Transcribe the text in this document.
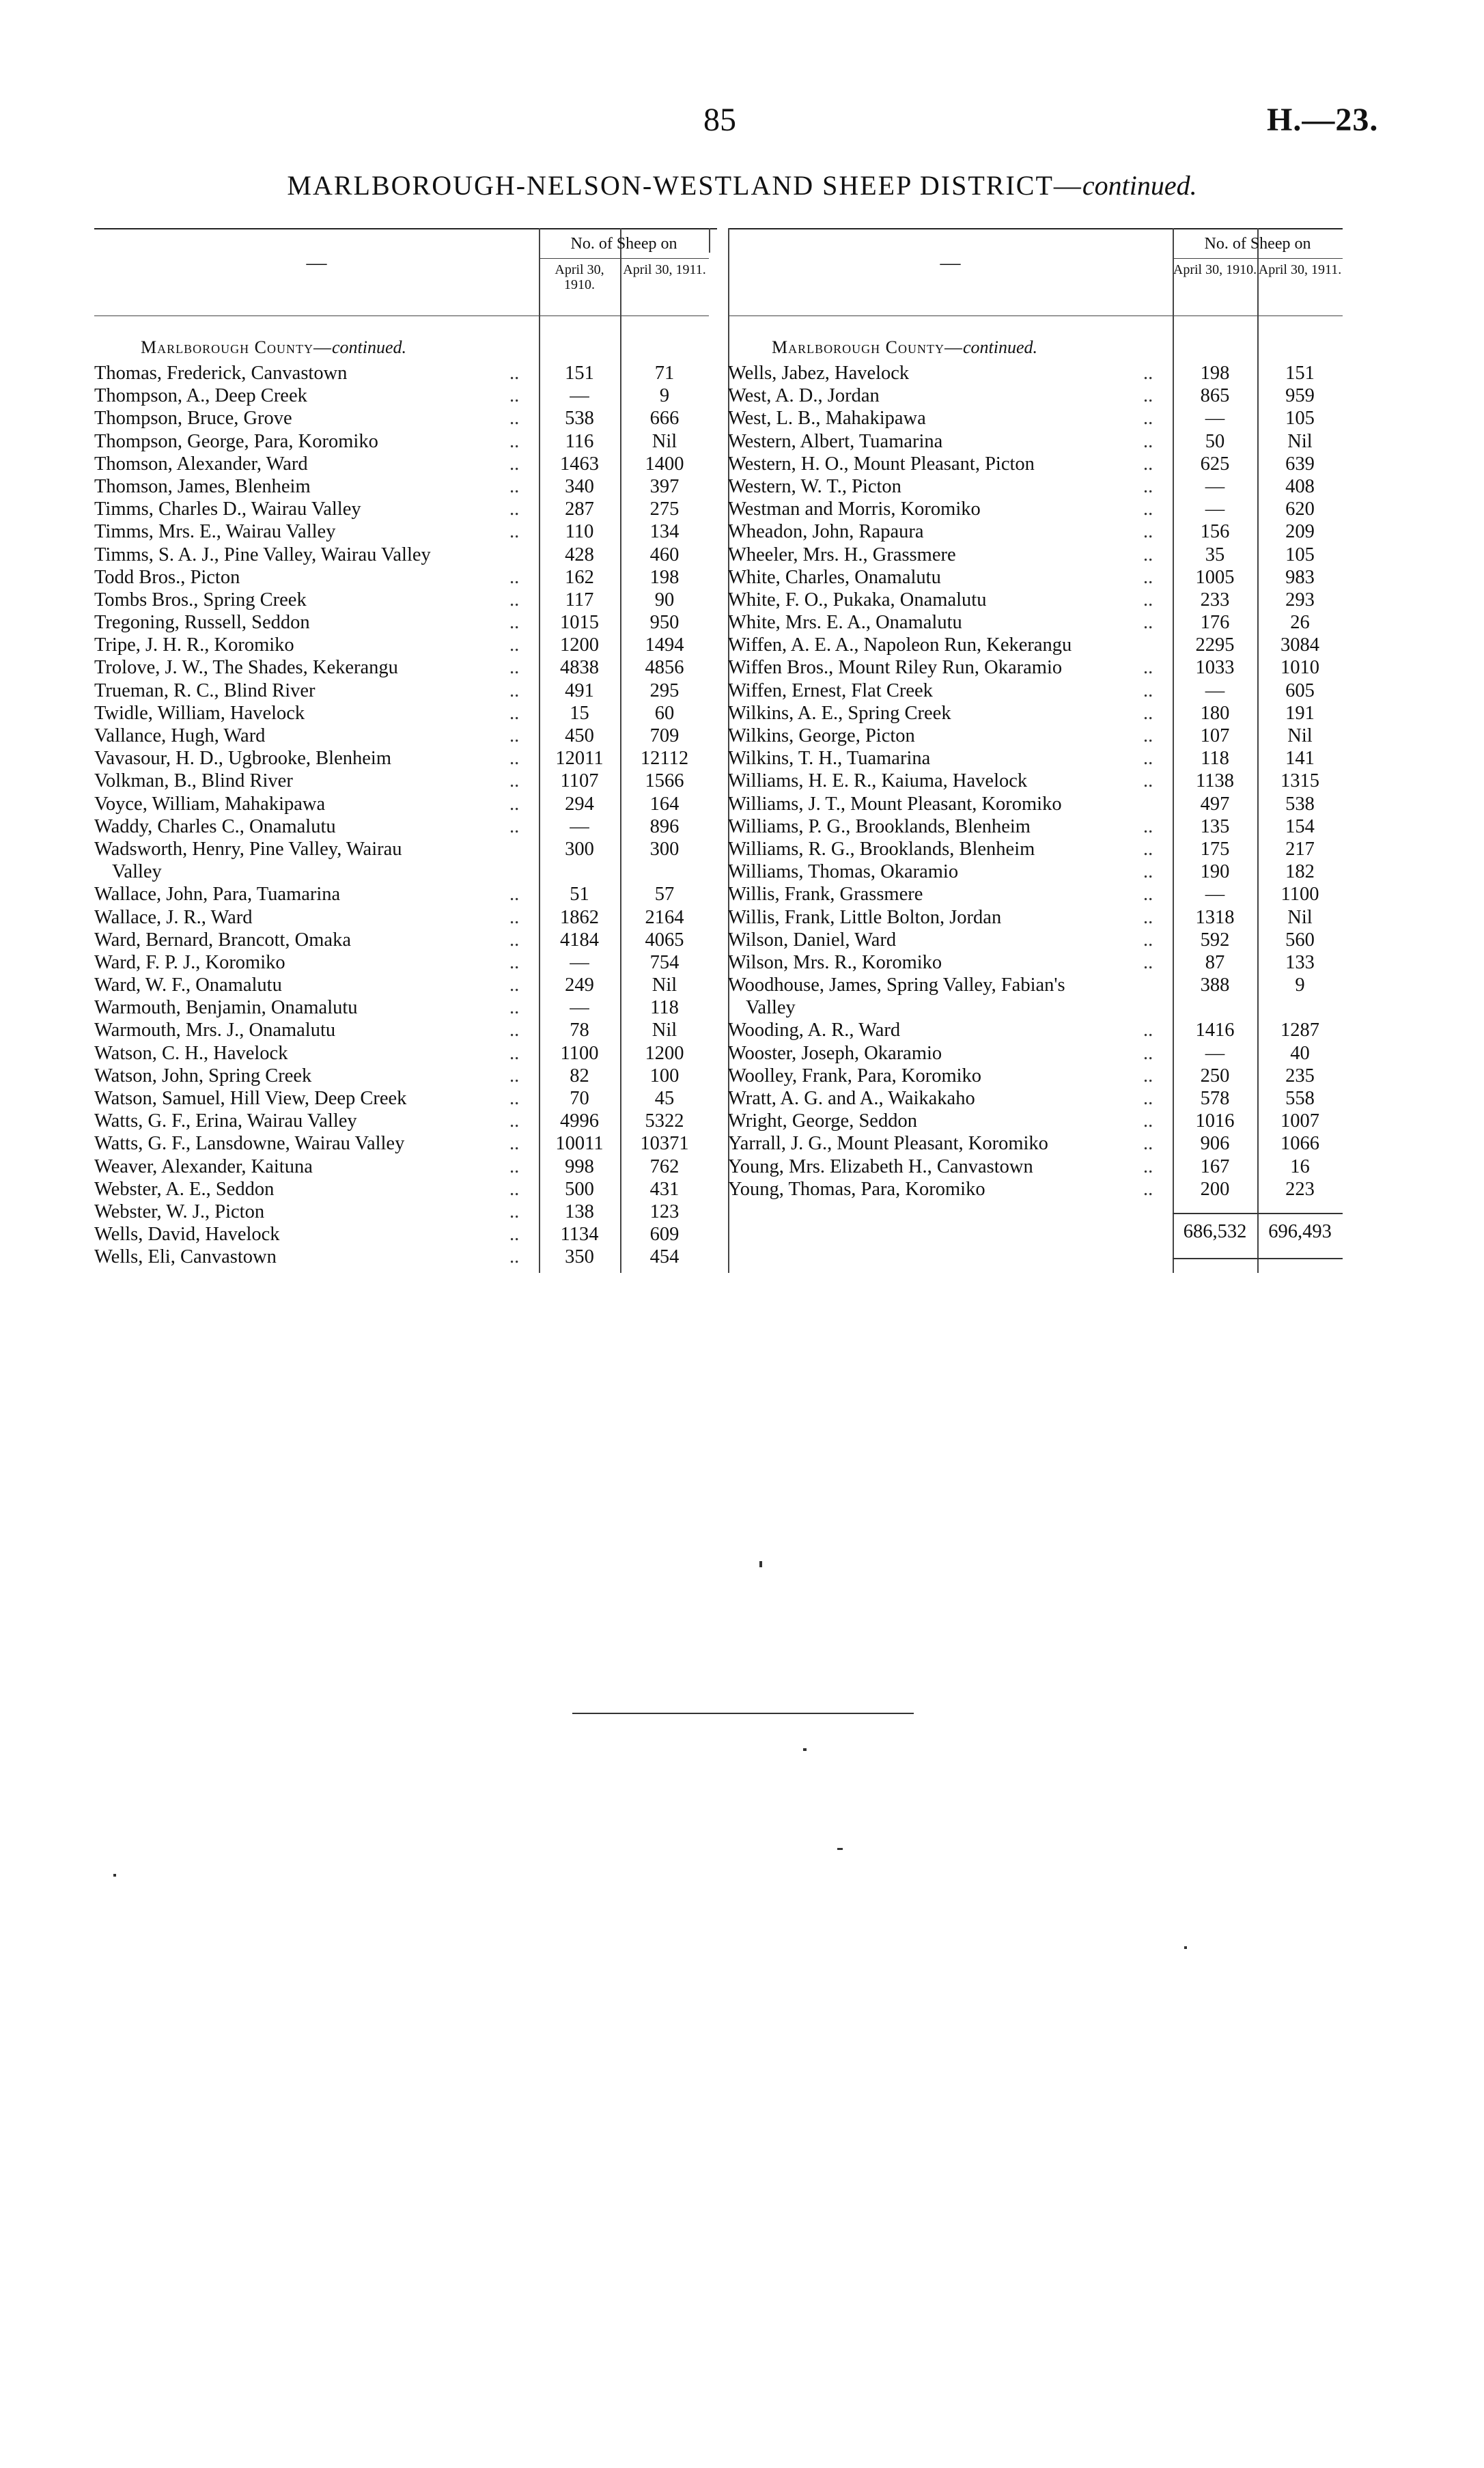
85	H.—23.
MARLBOROUGH-NELSON-WESTLAND SHEEP DISTRICT—continued.
—
No. of Sheep on
April 30, 1910.
April 30, 1911.
Marlborough County—continued.
Thomas, Frederick, Canvastown	..	151	71
Thompson, A., Deep Creek	..	—	9
Thompson, Bruce, Grove	..	538	666
Thompson, George, Para, Koromiko	..	116	Nil
Thomson, Alexander, Ward	..	1463	1400
Thomson, James, Blenheim	..	340	397
Timms, Charles D., Wairau Valley	..	287	275
Timms, Mrs. E., Wairau Valley	..	110	134
Timms, S. A. J., Pine Valley, Wairau Valley	428	460
Todd Bros., Picton	..	162	198
Tombs Bros., Spring Creek	..	117	90
Tregoning, Russell, Seddon	..	1015	950
Tripe, J. H. R., Koromiko	..	1200	1494
Trolove, J. W., The Shades, Kekerangu	..	4838	4856
Trueman, R. C., Blind River	..	491	295
Twidle, William, Havelock	..	15	60
Vallance, Hugh, Ward	..	450	709
Vavasour, H. D., Ugbrooke, Blenheim	..	12011	12112
Volkman, B., Blind River	..	1107	1566
Voyce, William, Mahakipawa	..	294	164
Waddy, Charles C., Onamalutu	..	—	896
Wadsworth, Henry, Pine Valley, Wairau
Valley
300	300
Wallace, John, Para, Tuamarina	..	51	57
Wallace, J. R., Ward	..	1862	2164
Ward, Bernard, Brancott, Omaka	..	4184	4065
Ward, F. P. J., Koromiko	..	—	754
Ward, W. F., Onamalutu	..	249	Nil
Warmouth, Benjamin, Onamalutu	..	—	118
Warmouth, Mrs. J., Onamalutu	..	78	Nil
Watson, C. H., Havelock	..	1100	1200
Watson, John, Spring Creek	..	82	100
Watson, Samuel, Hill View, Deep Creek	..	70	45
Watts, G. F., Erina, Wairau Valley	..	4996	5322
Watts, G. F., Lansdowne, Wairau Valley	..	10011	10371
Weaver, Alexander, Kaituna	..	998	762
Webster, A. E., Seddon	..	500	431
Webster, W. J., Picton	..	138	123
Wells, David, Havelock	..	1134	609
Wells, Eli, Canvastown	..	350	454
—
No. of Sheep on
April 30, 1910. April 30, 1911.
Marlborough County—continued.
Wells, Jabez, Havelock	..	198	151
West, A. D., Jordan	..	865	959
West, L. B., Mahakipawa	..	—	105
Western, Albert, Tuamarina	..	50	Nil
Western, H. O., Mount Pleasant, Picton	..	625	639
Western, W. T., Picton	..	—	408
Westman and Morris, Koromiko	..	—	620
Wheadon, John, Rapaura	..	156	209
Wheeler, Mrs. H., Grassmere	..	35	105
White, Charles, Onamalutu	..	1005	983
White, F. O., Pukaka, Onamalutu	..	233	293
White, Mrs. E. A., Onamalutu	..	176	26
Wiffen, A. E. A., Napoleon Run, Kekerangu	2295	3084
Wiffen Bros., Mount Riley Run, Okaramio	..	1033	1010
Wiffen, Ernest, Flat Creek	..	—	605
Wilkins, A. E., Spring Creek	..	180	191
Wilkins, George, Picton	..	107	Nil
Wilkins, T. H., Tuamarina	..	118	141
Williams, H. E. R., Kaiuma, Havelock	..	1138	1315
Williams, J. T., Mount Pleasant, Koromiko	497	538
Williams, P. G., Brooklands, Blenheim	..	135	154
Williams, R. G., Brooklands, Blenheim	..	175	217
Williams, Thomas, Okaramio	..	190	182
Willis, Frank, Grassmere	..	—	1100
Willis, Frank, Little Bolton, Jordan	..	1318	Nil
Wilson, Daniel, Ward	..	592	560
Wilson, Mrs. R., Koromiko	..	87	133
Woodhouse, James, Spring Valley, Fabian's
Valley
388	9
Wooding, A. R., Ward	..	1416	1287
Wooster, Joseph, Okaramio	..	—	40
Woolley, Frank, Para, Koromiko	..	250	235
Wratt, A. G. and A., Waikakaho	..	578	558
Wright, George, Seddon	..	1016	1007
Yarrall, J. G., Mount Pleasant, Koromiko	..	906	1066
Young, Mrs. Elizabeth H., Canvastown	..	167	16
Young, Thomas, Para, Koromiko	..	200	223
686,532	696,493
